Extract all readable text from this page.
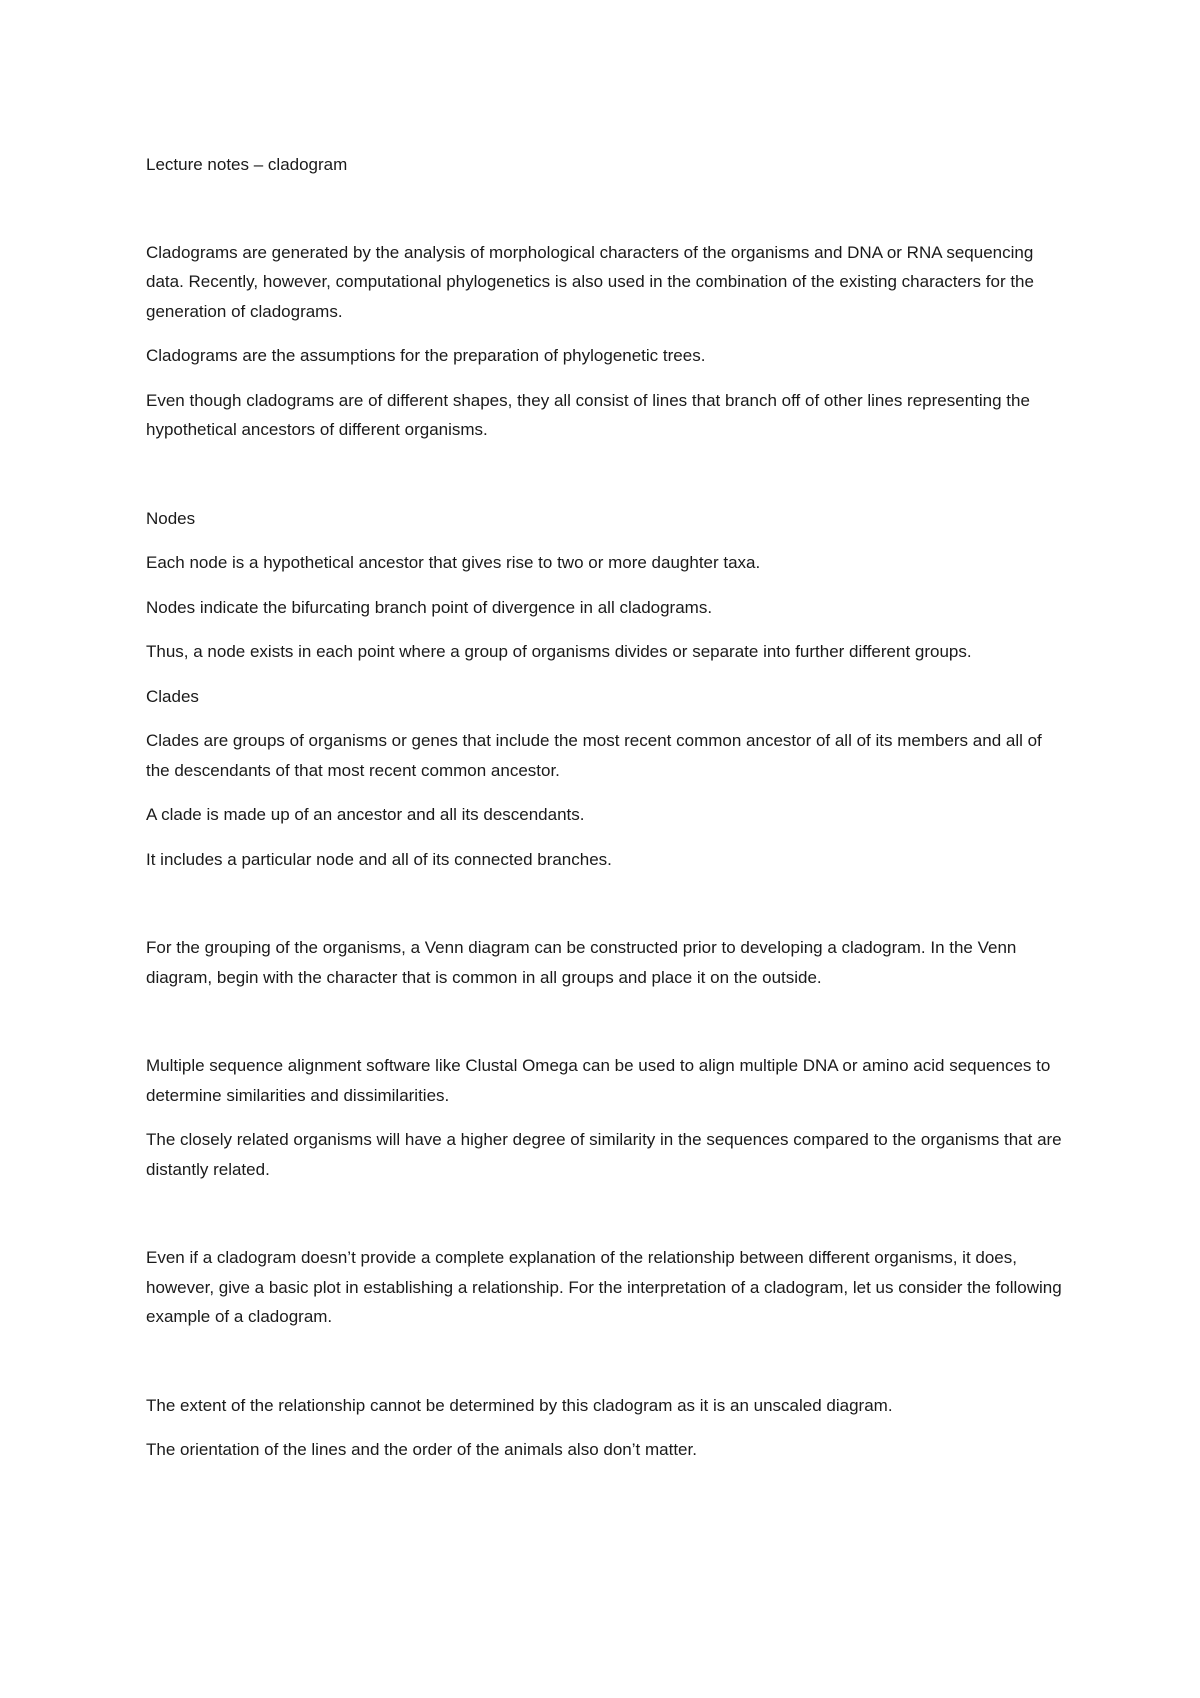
Lecture notes – cladogram

Cladograms are generated by the analysis of morphological characters of the organisms and DNA or RNA sequencing data. Recently, however, computational phylogenetics is also used in the combination of the existing characters for the generation of cladograms.

Cladograms are the assumptions for the preparation of phylogenetic trees.

Even though cladograms are of different shapes, they all consist of lines that branch off of other lines representing the hypothetical ancestors of different organisms.

Nodes

Each node is a hypothetical ancestor that gives rise to two or more daughter taxa.

Nodes indicate the bifurcating branch point of divergence in all cladograms.

Thus, a node exists in each point where a group of organisms divides or separate into further different groups.

Clades

Clades are groups of organisms or genes that include the most recent common ancestor of all of its members and all of the descendants of that most recent common ancestor.

A clade is made up of an ancestor and all its descendants.

It includes a particular node and all of its connected branches.

For the grouping of the organisms, a Venn diagram can be constructed prior to developing a cladogram. In the Venn diagram, begin with the character that is common in all groups and place it on the outside.

Multiple sequence alignment software like Clustal Omega can be used to align multiple DNA or amino acid sequences to determine similarities and dissimilarities.

The closely related organisms will have a higher degree of similarity in the sequences compared to the organisms that are distantly related.

Even if a cladogram doesn’t provide a complete explanation of the relationship between different organisms, it does, however, give a basic plot in establishing a relationship. For the interpretation of a cladogram, let us consider the following example of a cladogram.

The extent of the relationship cannot be determined by this cladogram as it is an unscaled diagram.

The orientation of the lines and the order of the animals also don’t matter.
